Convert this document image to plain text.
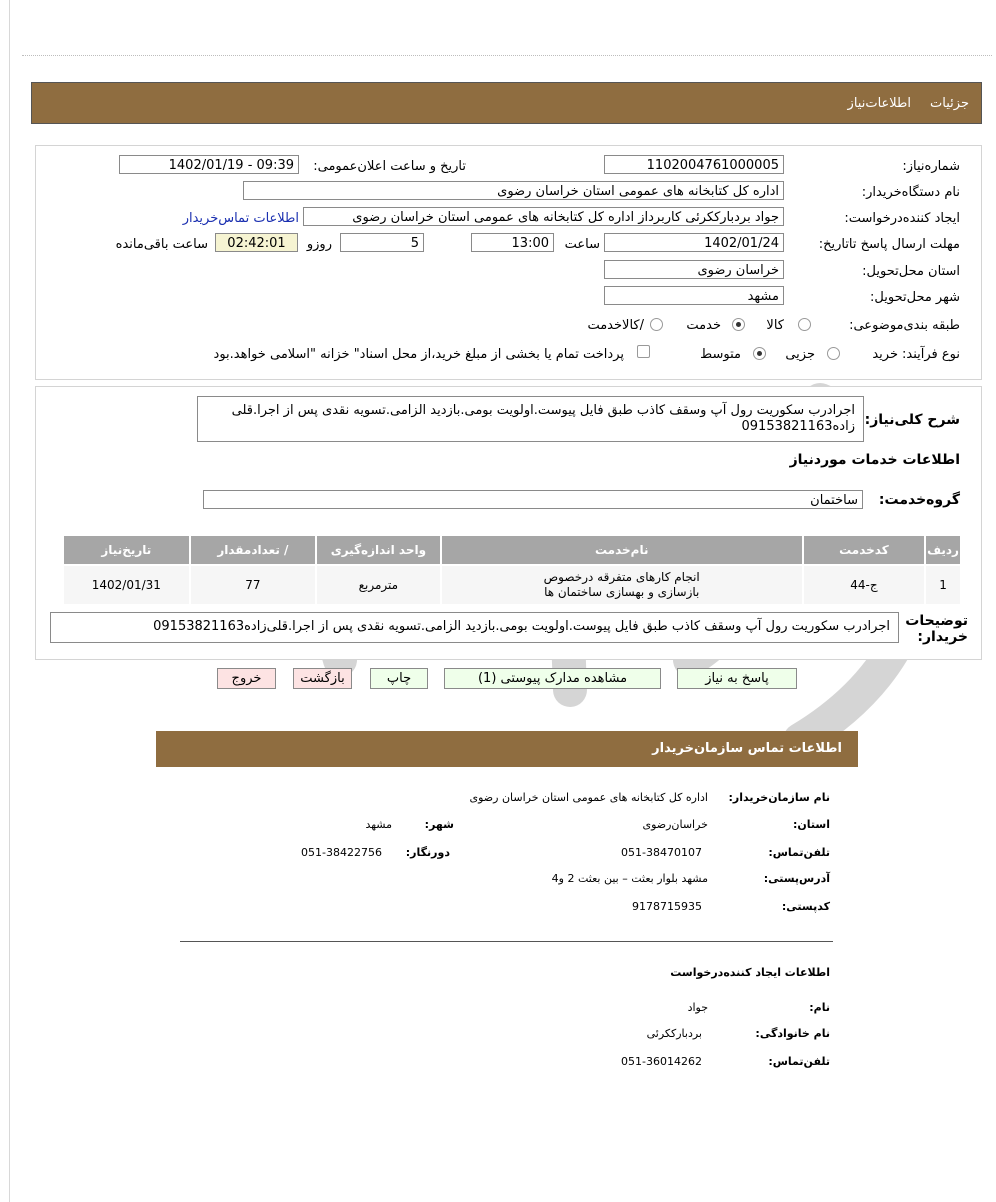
جزئیات
اطلاعات‌نیاز
شماره‌نیاز:
1102004761000005
تاریخ و ساعت اعلان‌عمومی:
1402/01/19 - 09:39
نام دستگاه‌خریدار:
اداره کل کتابخانه های عمومی استان خراسان رضوی
ایجاد کننده‌درخواست:
جواد بردبارککرئی کاربرداز اداره کل کتابخانه های عمومی استان خراسان رضوی
اطلاعات تماس‌خریدار
مهلت ارسال پاسخ تا‌تاریخ:
1402/01/24
ساعت
13:00
5
روزو
02:42:01
ساعت باقی‌مانده
استان محل‌تحویل:
خراسان رضوی
شهر محل‌تحویل:
مشهد
طبقه بندی‌موضوعی:
کالا
خدمت
/کالاخدمت
نوع فرآیند:
خرید
جزیی
متوسط
پرداخت تمام یا بخشی از مبلغ خرید،از محل اسناد" خزانه "اسلامی خواهد.بود
شرح کلی‌نیاز:
اجرادرب سکوریت رول آپ وسقف کاذب طبق فایل پیوست.اولویت بومی.بازدید الزامی.تسویه نقدی پس از اجرا.قلی زاده09153821163
اطلاعات خدمات موردنیاز
گروه‌خدمت:
ساختمان
ردیف	کدخدمت	نام‌خدمت	واحد اندازه‌گیری	/ تعدادمقدار	تاریخ‌نیاز
1	ج-44	انجام کارهای متفرقه درخصوص بازسازی و بهسازی ساختمان ها	مترمربع	77	1402/01/31
توضیحات خریدار:
اجرادرب سکوریت رول آپ وسقف کاذب طبق فایل پیوست.اولویت بومی.بازدید الزامی.تسویه نقدی پس از اجرا.قلی‌زاده09153821163
پاسخ به نیاز
مشاهده مدارک پیوستی (1)
چاپ
بازگشت
خروج
اطلاعات تماس سازمان‌خریدار
نام سازمان‌خریدار:
اداره کل کتابخانه های عمومی استان خراسان رضوی
استان:
خراسان‌رضوی
شهر:
مشهد
تلفن‌تماس:
051-38470107
دورنگار:
051-38422756
آدرس‌پستی:
مشهد بلوار بعثت – بین بعثت 2 و4
کد‌پستی:
9178715935
اطلاعات ایجاد کننده‌درخواست
نام:
جواد
نام خانوادگی:
بردبارککرئی
تلفن‌تماس:
051-36014262
